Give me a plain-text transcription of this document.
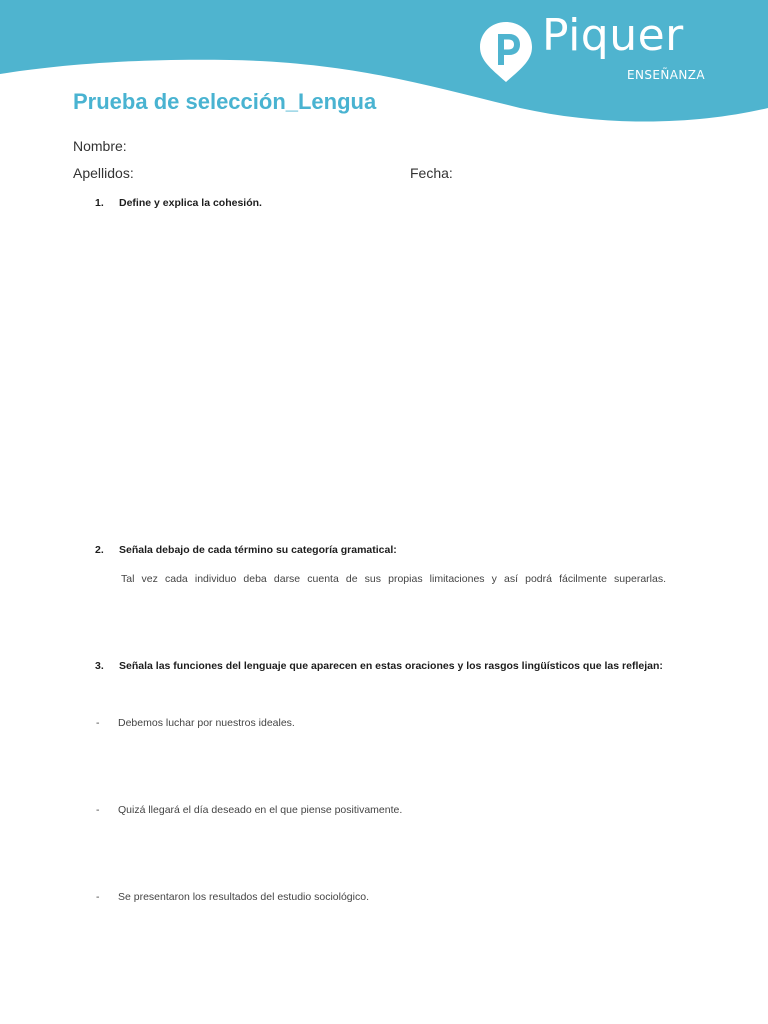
Piquer
ENSEÑANZA
Prueba de selección_Lengua
Nombre:
Apellidos:	Fecha:
1. Define y explica la cohesión.
2. Señala debajo de cada término su categoría gramatical:
Tal vez cada individuo deba darse cuenta de sus propias limitaciones y así podrá fácilmente superarlas.
3. Señala las funciones del lenguaje que aparecen en estas oraciones y los rasgos lingüísticos que las reflejan:
- Debemos luchar por nuestros ideales.
- Quizá llegará el día deseado en el que piense positivamente.
- Se presentaron los resultados del estudio sociológico.
